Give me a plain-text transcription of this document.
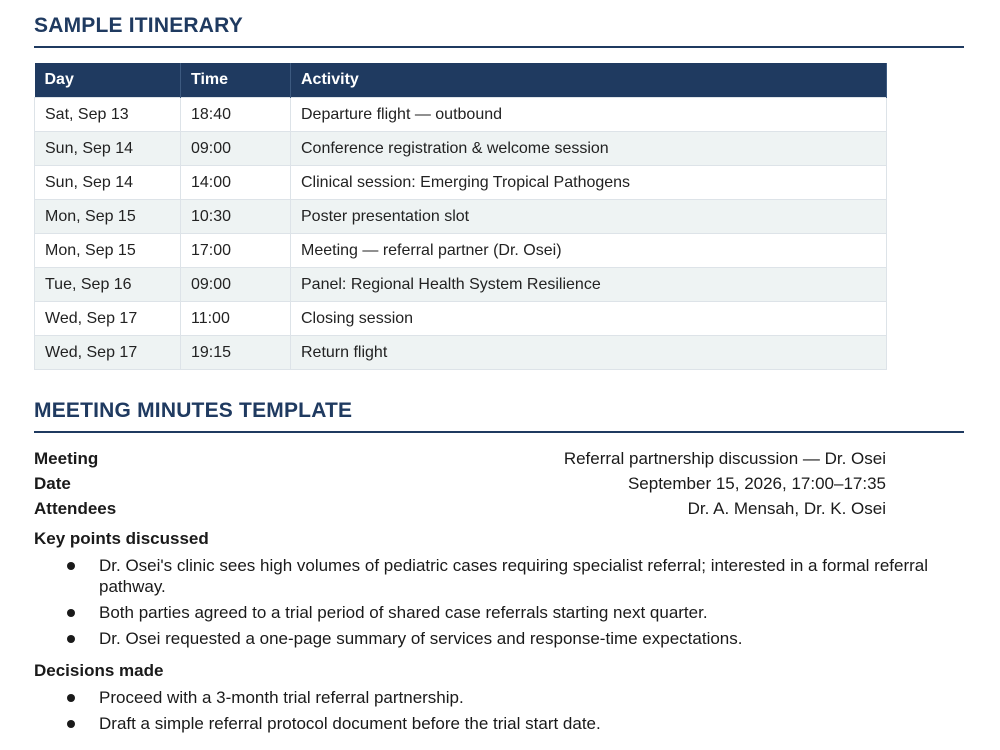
SAMPLE ITINERARY
Day	Time	Activity
Sat, Sep 13	18:40	Departure flight — outbound
Sun, Sep 14	09:00	Conference registration & welcome session
Sun, Sep 14	14:00	Clinical session: Emerging Tropical Pathogens
Mon, Sep 15	10:30	Poster presentation slot
Mon, Sep 15	17:00	Meeting — referral partner (Dr. Osei)
Tue, Sep 16	09:00	Panel: Regional Health System Resilience
Wed, Sep 17	11:00	Closing session
Wed, Sep 17	19:15	Return flight
MEETING MINUTES TEMPLATE
Meeting	Referral partnership discussion — Dr. Osei
Date	September 15, 2026, 17:00–17:35
Attendees	Dr. A. Mensah, Dr. K. Osei
Key points discussed
Dr. Osei's clinic sees high volumes of pediatric cases requiring specialist referral; interested in a formal referral pathway.
Both parties agreed to a trial period of shared case referrals starting next quarter.
Dr. Osei requested a one-page summary of services and response-time expectations.
Decisions made
Proceed with a 3-month trial referral partnership.
Draft a simple referral protocol document before the trial start date.
